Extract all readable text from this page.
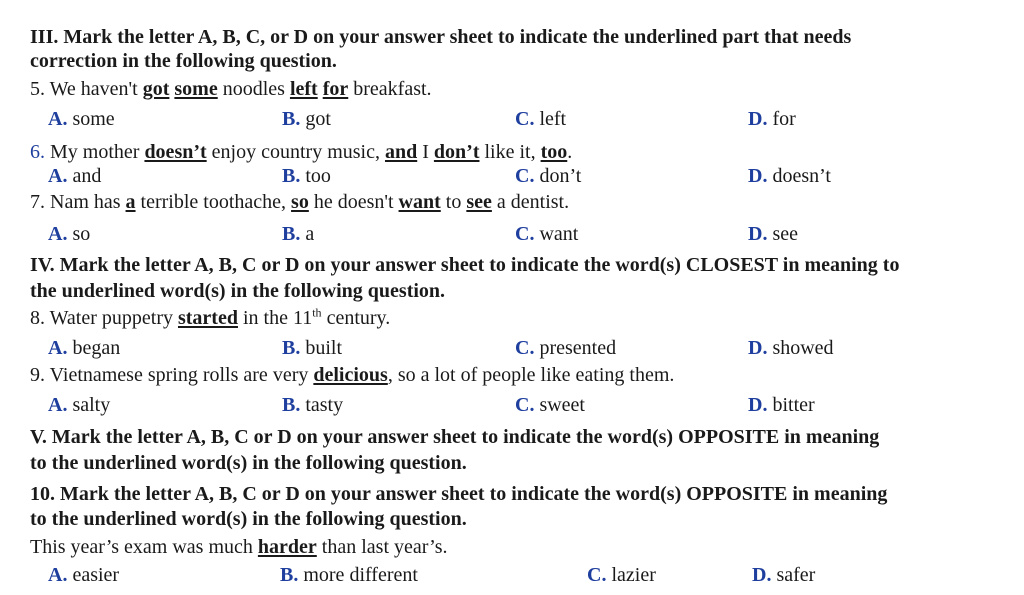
III. Mark the letter A, B, C, or D on your answer sheet to indicate the underlined part that needs
correction in the following question.
5. We haven't got some noodles left for breakfast.
A. some	B. got	C. left	D. for
6. My mother doesn’t enjoy country music, and I don’t like it, too.
A. and	B. too	C. don’t	D. doesn’t
7. Nam has a terrible toothache, so he doesn't want to see a dentist.
A. so	B. a	C. want	D. see
IV. Mark the letter A, B, C or D on your answer sheet to indicate the word(s) CLOSEST in meaning to
the underlined word(s) in the following question.
8. Water puppetry started in the 11th century.
A. began	B. built	C. presented	D. showed
9. Vietnamese spring rolls are very delicious, so a lot of people like eating them.
A. salty	B. tasty	C. sweet	D. bitter
V. Mark the letter A, B, C or D on your answer sheet to indicate the word(s) OPPOSITE in meaning
to the underlined word(s) in the following question.
10. Mark the letter A, B, C or D on your answer sheet to indicate the word(s) OPPOSITE in meaning
to the underlined word(s) in the following question.
This year’s exam was much harder than last year’s.
A. easier	B. more different	C. lazier	D. safer
